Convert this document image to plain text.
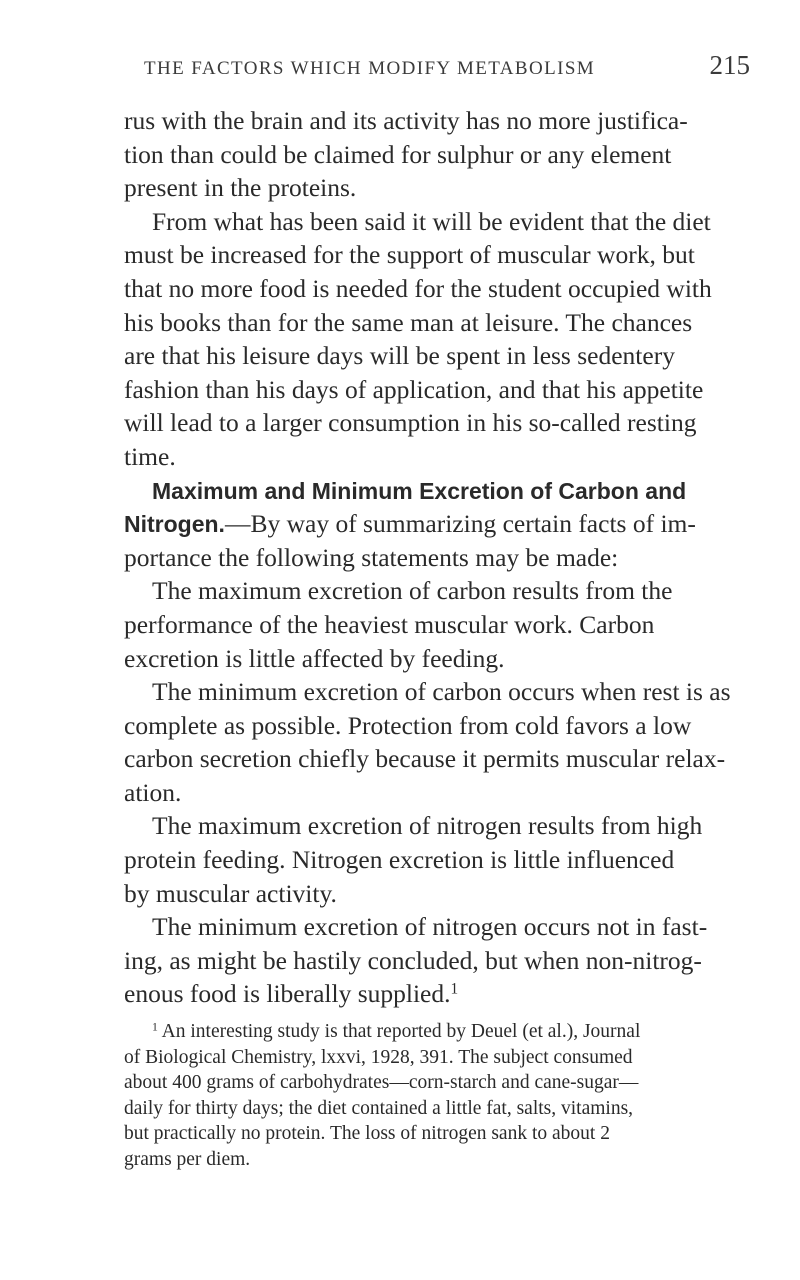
THE FACTORS WHICH MODIFY METABOLISM	215
rus with the brain and its activity has no more justifica-
tion than could be claimed for sulphur or any element
present in the proteins.
From what has been said it will be evident that the diet
must be increased for the support of muscular work, but
that no more food is needed for the student occupied with
his books than for the same man at leisure. The chances
are that his leisure days will be spent in less sedentery
fashion than his days of application, and that his appetite
will lead to a larger consumption in his so-called resting
time.
Maximum and Minimum Excretion of Carbon and
Nitrogen.—By way of summarizing certain facts of im-
portance the following statements may be made:
The maximum excretion of carbon results from the
performance of the heaviest muscular work. Carbon
excretion is little affected by feeding.
The minimum excretion of carbon occurs when rest is as
complete as possible. Protection from cold favors a low
carbon secretion chiefly because it permits muscular relax-
ation.
The maximum excretion of nitrogen results from high
protein feeding. Nitrogen excretion is little influenced
by muscular activity.
The minimum excretion of nitrogen occurs not in fast-
ing, as might be hastily concluded, but when non-nitrog-
enous food is liberally supplied.$^1$
$^1$ An interesting study is that reported by Deuel (et al.), Journal
of Biological Chemistry, lxxvi, 1928, 391. The subject consumed
about 400 grams of carbohydrates—corn-starch and cane-sugar—
daily for thirty days; the diet contained a little fat, salts, vitamins,
but practically no protein. The loss of nitrogen sank to about 2
grams per diem.
